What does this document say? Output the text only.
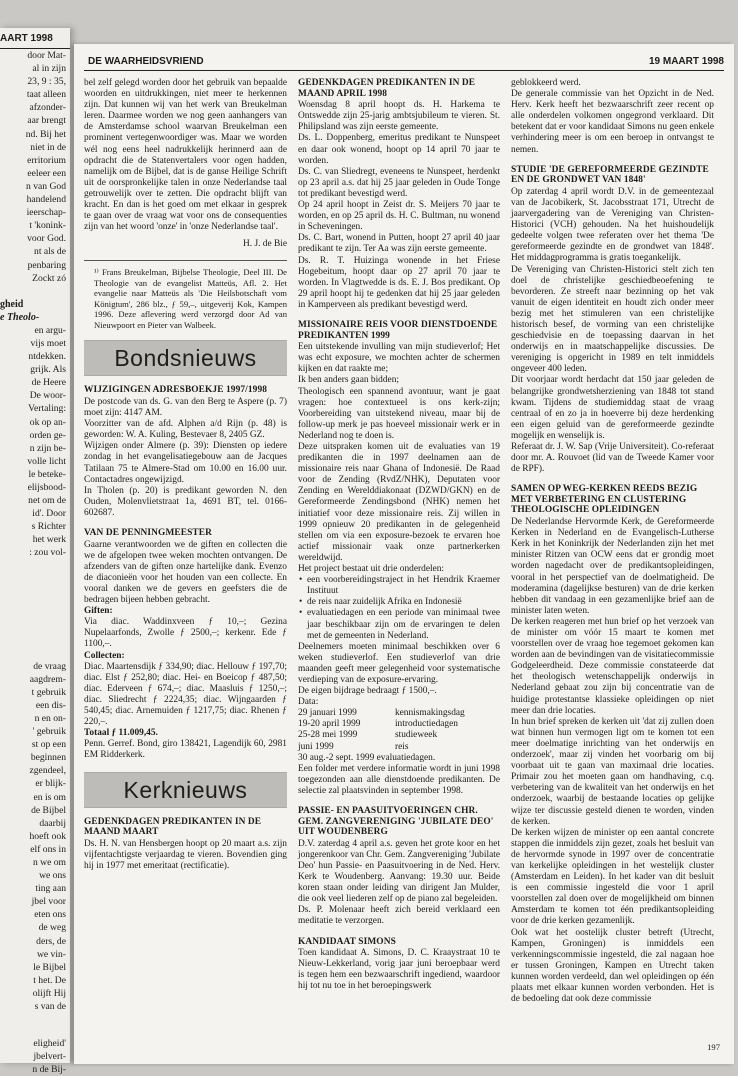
AART 1998
door Mat-
al in zijn
23, 9 : 35,
taat alleen
afzonder-
aar brengt
nd. Bij het
niet in de
erritorium
eeleer een
n van God
handelend
ieerschap-
t 'konink-
voor God.
nt als de
penbaring
Zockt zó
gheid
e Theolo-
en argu-
vijs moet
ntdekken.
grijk. Als
de Heere
De woor-
Vertaling:
ok op an-
orden ge-
n zijn be-
volle licht
le beteke-
elijsbood-
net om de
id'. Door
s Richter
het werk
: zou vol-
de vraag
aagdrem-
t gebruik
een dis-
n en on-
' gebruik
st op een
beginnen
zgendeel,
er blijk-
en is om
de Bijbel
daarbij
hoeft ook
elf ons in
n we om
we ons
ting aan
jbel voor
eten ons
de weg
ders, de
we vin-
le Bijbel
t het. De
olijft Hij
s van de
eligheid'
jbelvert-
n de Bij-
DE WAARHEIDSVRIEND	19 MAART 1998

bel zelf gelegd worden door het gebruik van bepaalde woorden en uitdrukkingen, niet meer te herkennen zijn. Dat kunnen wij van het werk van Breukelman leren. Daarmee worden we nog geen aanhangers van de Amsterdamse school waarvan Breukelman een prominent vertegenwoordiger was. Maar we worden wél nog eens heel nadrukkelijk herinnerd aan de opdracht die de Statenvertalers voor ogen hadden, namelijk om de Bijbel, dat is de ganse Heilige Schrift uit de oorspronkelijke talen in onze Nederlandse taal getrouwelijk over te zetten. Die opdracht blijft van kracht. En dan is het goed om met elkaar in gesprek te gaan over de vraag wat voor ons de consequenties zijn van het woord 'onze' in 'onze Nederlandse taal'.

H. J. de Bie

¹⁾ Frans Breukelman, Bijbelse Theologie, Deel III. De Theologie van de evangelist Matteüs, Afl. 2. Het evangelie naar Matteüs als 'Die Heilsbotschaft vom Königtum', 286 blz., ƒ 59,–, uitgeverij Kok, Kampen 1996. Deze aflevering werd verzorgd door Ad van Nieuwpoort en Pieter van Walbeek.

Bondsnieuws
WIJZIGINGEN ADRESBOEKJE 1997/1998

De postcode van ds. G. van den Berg te Aspere (p. 7) moet zijn: 4147 AM.

Voorzitter van de afd. Alphen a/d Rijn (p. 48) is geworden: W. A. Kuling, Bestevaer 8, 2405 GZ.

Wijzigen onder Almere (p. 39): Diensten op iedere zondag in het evangelisatiegebouw aan de Jacques Tatilaan 75 te Almere-Stad om 10.00 en 16.00 uur. Contactadres ongewijzigd.

In Tholen (p. 20) is predikant geworden N. den Ouden, Molenvlietstraat 1a, 4691 BT, tel. 0166-602687.

VAN DE PENNINGMEESTER

Gaarne verantwoorden we de giften en collecten die we de afgelopen twee weken mochten ontvangen. De afzenders van de giften onze hartelijke dank. Evenzo de diaconieën voor het houden van een collecte. En vooral danken we de gevers en geefsters die de bedragen bijeen hebben gebracht.

Giften:

Via diac. Waddinxveen ƒ 10,–; Gezina Nupelaarfonds, Zwolle ƒ 2500,–; kerkenr. Ede ƒ 1100,–.

Collecten:

Diac. Maartensdijk ƒ 334,90; diac. Hellouw ƒ 197,70; diac. Elst ƒ 252,80; diac. Hei- en Boeicop ƒ 487,50; diac. Ederveen ƒ 674,–; diac. Maasluis ƒ 1250,–; diac. Sliedrecht ƒ 2224,35; diac. Wijngaarden ƒ 540,45; diac. Arnemuiden ƒ 1217,75; diac. Rhenen ƒ 220,–.

Totaal ƒ 11.009,45.

Penn. Gerref. Bond, giro 138421, Lagendijk 60, 2981 EM Ridderkerk.

Kerknieuws
GEDENKDAGEN PREDIKANTEN IN DE MAAND MAART

Ds. H. N. van Hensbergen hoopt op 20 maart a.s. zijn vijfentachtigste verjaardag te vieren. Bovendien ging hij in 1977 met emeritaat (rectificatie).

GEDENKDAGEN PREDIKANTEN IN DE MAAND APRIL 1998

Woensdag 8 april hoopt ds. H. Harkema te Ontswedde zijn 25-jarig ambtsjubileum te vieren. St. Philipsland was zijn eerste gemeente.

Ds. L. Doppenberg, emeritus predikant te Nunspeet en daar ook wonend, hoopt op 14 april 70 jaar te worden.

Ds. C. van Sliedregt, eveneens te Nunspeet, herdenkt op 23 april a.s. dat hij 25 jaar geleden in Oude Tonge tot predikant bevestigd werd.

Op 24 april hoopt in Zeist dr. S. Meijers 70 jaar te worden, en op 25 april ds. H. C. Bultman, nu wonend in Scheveningen.

Ds. C. Bart, wonend in Putten, hoopt 27 april 40 jaar predikant te zijn. Ter Aa was zijn eerste gemeente.

Ds. R. T. Huizinga wonende in het Friese Hogebeitum, hoopt daar op 27 april 70 jaar te worden. In Vlagtwedde is ds. E. J. Bos predikant. Op 29 april hoopt hij te gedenken dat hij 25 jaar geleden in Kamperveen als predikant bevestigd werd.

MISSIONAIRE REIS VOOR DIENSTDOENDE PREDIKANTEN 1999

Een uitstekende invulling van mijn studieverlof; Het was echt exposure, we mochten achter de schermen kijken en dat raakte me;

Ik ben anders gaan bidden;

Theologisch een spannend avontuur, want je gaat vragen: hoe contextueel is ons kerk-zijn; Voorbereiding van uitstekend niveau, maar bij de follow-up merk je pas hoeveel missionair werk er in Nederland nog te doen is.

Deze uitspraken komen uit de evaluaties van 19 predikanten die in 1997 deelnamen aan de missionaire reis naar Ghana of Indonesië. De Raad voor de Zending (RvdZ/NHK), Deputaten voor Zending en Werelddiakonaat (DZWD/GKN) en de Gereformeerde Zendingsbond (NHK) nemen het initiatief voor deze missionaire reis. Zij willen in 1999 opnieuw 20 predikanten in de gelegenheid stellen om via een exposure-bezoek te ervaren hoe actief missionair vaak onze partnerkerken wereldwijd.

Het project bestaat uit drie onderdelen:

• een voorbereidingstraject in het Hendrik Kraemer Instituut
• de reis naar zuidelijk Afrika en Indonesië
• evaluatiedagen en een periode van minimaal twee jaar beschikbaar zijn om de ervaringen te delen met de gemeenten in Nederland.

Deelnemers moeten minimaal beschikken over 6 weken studieverlof. Een studieverlof van drie maanden geeft meer gelegenheid voor systematische verdieping van de exposure-ervaring.

De eigen bijdrage bedraagt ƒ 1500,–.

Data:

29 januari 1999	kennismakingsdag
19-20 april 1999	introductiedagen
25-28 mei 1999	studieweek
juni 1999	reis

30 aug.-2 sept. 1999 evaluatiedagen.

Een folder met verdere informatie wordt in juni 1998 toegezonden aan alle dienstdoende predikanten. De selectie zal plaatsvinden in september 1998.

PASSIE- EN PAASUITVOERINGEN CHR. GEM. ZANGVERENIGING 'JUBILATE DEO' UIT WOUDENBERG

D.V. zaterdag 4 april a.s. geven het grote koor en het jongerenkoor van Chr. Gem. Zangvereniging 'Jubilate Deo' hun Passie- en Paasuitvoering in de Ned. Herv. Kerk te Woudenberg. Aanvang: 19.30 uur. Beide koren staan onder leiding van dirigent Jan Mulder, die ook veel liederen zelf op de piano zal begeleiden.

Ds. P. Molenaar heeft zich bereid verklaard een meditatie te verzorgen.

KANDIDAAT SIMONS

Toen kandidaat A. Simons, D. C. Kraaystraat 10 te Nieuw-Lekkerland, vorig jaar juni beroepbaar werd is tegen hem een bezwaarschrift ingediend, waardoor hij tot nu toe in het beroepingswerk

geblokkeerd werd.

De generale commissie van het Opzicht in de Ned. Herv. Kerk heeft het bezwaarschrift zeer recent op alle onderdelen volkomen ongegrond verklaard. Dit betekent dat er voor kandidaat Simons nu geen enkele verhindering meer is om een beroep in ontvangst te nemen.

STUDIE 'DE GEREFORMEERDE GEZINDTE EN DE GRONDWET VAN 1848'

Op zaterdag 4 april wordt D.V. in de gemeentezaal van de Jacobikerk, St. Jacobsstraat 171, Utrecht de jaarvergadering van de Vereniging van Christen-Historici (VCH) gehouden. Na het huishoudelijk gedeelte volgen twee referaten over het thema 'De gereformeerde gezindte en de grondwet van 1848'. Het middagprogramma is gratis toegankelijk.

De Vereniging van Christen-Historici stelt zich ten doel de christelijke geschiedbeoefening te bevorderen. Ze streeft naar bezinning op het vak vanuit de eigen identiteit en houdt zich onder meer bezig met het stimuleren van een christelijke historisch besef, de vorming van een christelijke geschiedvisie en de toepassing daarvan in het onderwijs en in maatschappelijke discussies. De vereniging is opgericht in 1989 en telt inmiddels ongeveer 400 leden.

Dit voorjaar wordt herdacht dat 150 jaar geleden de belangrijke grondwetsherziening van 1848 tot stand kwam. Tijdens de studiemiddag staat de vraag centraal of en zo ja in hoeverre bij deze herdenking een eigen geluid van de gereformeerde gezindte mogelijk en wenselijk is.

Referaat dr. J. W. Sap (Vrije Universiteit). Co-referaat door mr. A. Rouvoet (lid van de Tweede Kamer voor de RPF).

SAMEN OP WEG-KERKEN REEDS BEZIG MET VERBETERING EN CLUSTERING THEOLOGISCHE OPLEIDINGEN

De Nederlandse Hervormde Kerk, de Gereformeerde Kerken in Nederland en de Evangelisch-Lutherse Kerk in het Koninkrijk der Nederlanden zijn het met minister Ritzen van OCW eens dat er grondig moet worden nagedacht over de predikantsopleidingen, vooral in het perspectief van de doelmatigheid. De moderamina (dagelijkse besturen) van de drie kerken hebben dit vandaag in een gezamenlijke brief aan de minister laten weten.

De kerken reageren met hun brief op het verzoek van de minister om vóór 15 maart te komen met voorstellen over de vraag hoe tegemoet gekomen kan worden aan de bevindingen van de visitatiecommissie Godgeleerdheid. Deze commissie constateerde dat het theologisch wetenschappelijk onderwijs in Nederland gebaat zou zijn bij concentratie van de huidige protestantse klassieke opleidingen op niet meer dan drie locaties.

In hun brief spreken de kerken uit 'dat zij zullen doen wat binnen hun vermogen ligt om te komen tot een meer doelmatige inrichting van het onderwijs en onderzoek', maar zij vinden het voorbarig om bij voorbaat uit te gaan van maximaal drie locaties. Primair zou het moeten gaan om handhaving, c.q. verbetering van de kwaliteit van het onderwijs en het onderzoek, waarbij de bestaande locaties op gelijke wijze ter discussie gesteld dienen te worden, vinden de kerken.

De kerken wijzen de minister op een aantal concrete stappen die inmiddels zijn gezet, zoals het besluit van de hervormde synode in 1997 over de concentratie van kerkelijke opleidingen in het westelijk cluster (Amsterdam en Leiden). In het kader van dit besluit is een commissie ingesteld die voor 1 april voorstellen zal doen over de mogelijkheid om binnen Amsterdam te komen tot één predikantsopleiding voor de drie kerken gezamenlijk.

Ook wat het oostelijk cluster betreft (Utrecht, Kampen, Groningen) is inmiddels een verkenningscommissie ingesteld, die zal nagaan hoe er tussen Groningen, Kampen en Utrecht taken kunnen worden verdeeld, dan wel opleidingen op één plaats met elkaar kunnen worden verbonden. Het is de bedoeling dat ook deze commissie

197
